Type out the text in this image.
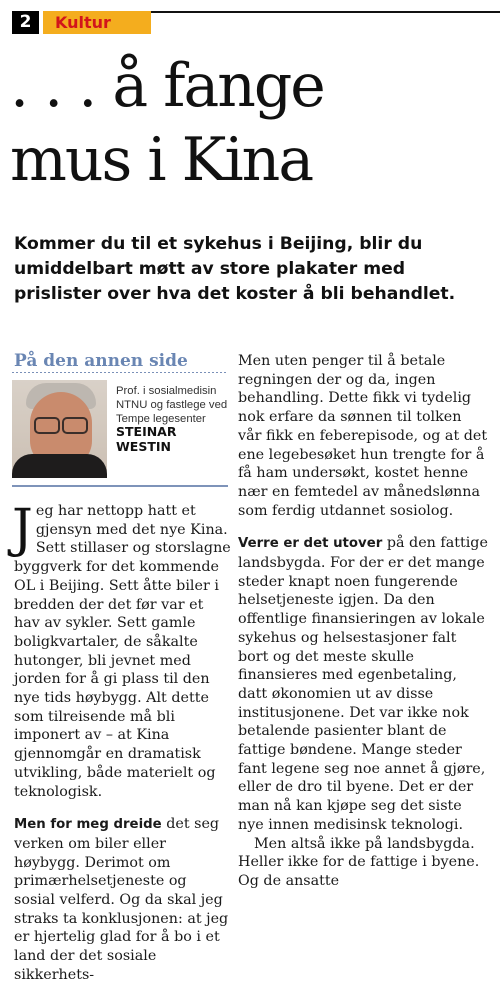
2	Kultur
. . . å fange
mus i Kina
Kommer du til et sykehus i Beijing, blir du umiddelbart møtt av store plakater med prislister over hva det koster å bli behandlet.
På den annen side
Prof. i sosialmedisin NTNU og fastlege ved Tempe legesenter
STEINAR
WESTIN

Jeg har nettopp hatt et gjensyn med det nye Kina. Sett stillaser og storslagne byggverk for det kommende OL i Beijing. Sett åtte biler i bredden der det før var et hav av sykler. Sett gamle boligkvartaler, de såkalte hutonger, bli jevnet med jorden for å gi plass til den nye tids høybygg. Alt dette som tilreisende må bli imponert av – at Kina gjennomgår en dramatisk utvikling, både materielt og teknologisk.

Men for meg dreide det seg verken om biler eller høybygg. Derimot om primærhelsetjeneste og sosial velferd. Og da skal jeg straks ta konklusjonen: at jeg er hjertelig glad for å bo i et land der det sosiale sikkerhets-

Men uten penger til å betale regningen der og da, ingen behandling. Dette fikk vi tydelig nok erfare da sønnen til tolken vår fikk en feberepisode, og at det ene legebesøket hun trengte for å få ham undersøkt, kostet henne nær en femtedel av månedslønna som ferdig utdannet sosiolog.

Verre er det utover på den fattige landsbygda. For der er det mange steder knapt noen fungerende helsetjeneste igjen. Da den offentlige finansieringen av lokale sykehus og helsestasjoner falt bort og det meste skulle finansieres med egenbetaling, datt økonomien ut av disse institusjonene. Det var ikke nok betalende pasienter blant de fattige bøndene. Mange steder fant legene seg noe annet å gjøre, eller de dro til byene. Det er der man nå kan kjøpe seg det siste nye innen medisinsk teknologi.

Men altså ikke på landsbygda. Heller ikke for de fattige i byene. Og de ansatte
